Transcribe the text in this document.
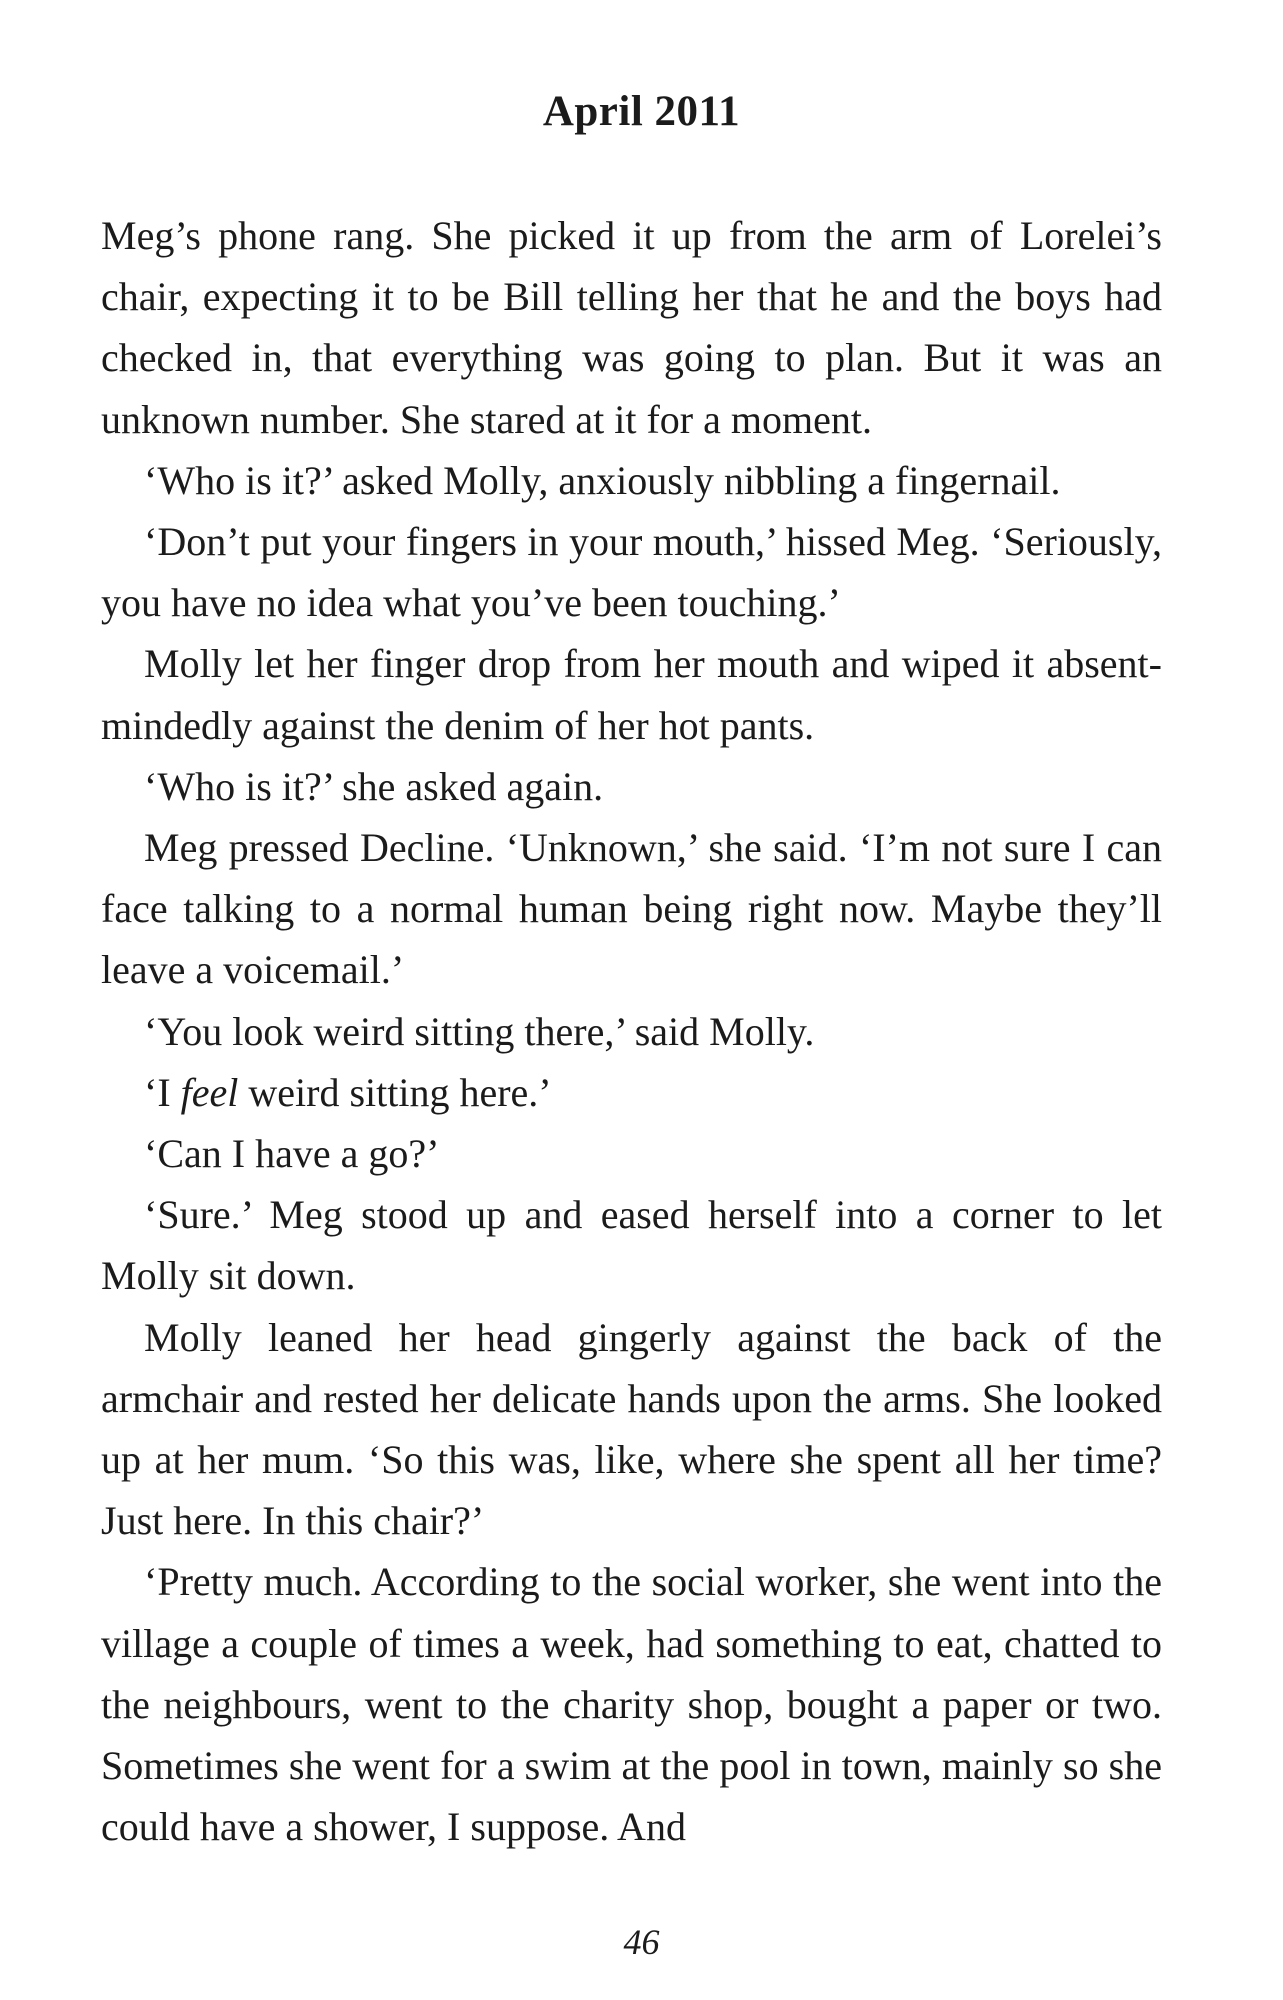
April 2011

Meg’s phone rang. She picked it up from the arm of Lorelei’s chair, expecting it to be Bill telling her that he and the boys had checked in, that everything was going to plan. But it was an unknown number. She stared at it for a moment.

‘Who is it?’ asked Molly, anxiously nibbling a fingernail.

‘Don’t put your fingers in your mouth,’ hissed Meg. ‘Seriously, you have no idea what you’ve been touching.’

Molly let her finger drop from her mouth and wiped it absent-mindedly against the denim of her hot pants.

‘Who is it?’ she asked again.

Meg pressed Decline. ‘Unknown,’ she said. ‘I’m not sure I can face talking to a normal human being right now. Maybe they’ll leave a voicemail.’

‘You look weird sitting there,’ said Molly.

‘I feel weird sitting here.’

‘Can I have a go?’

‘Sure.’ Meg stood up and eased herself into a corner to let Molly sit down.

Molly leaned her head gingerly against the back of the armchair and rested her delicate hands upon the arms. She looked up at her mum. ‘So this was, like, where she spent all her time? Just here. In this chair?’

‘Pretty much. According to the social worker, she went into the village a couple of times a week, had something to eat, chatted to the neighbours, went to the charity shop, bought a paper or two. Sometimes she went for a swim at the pool in town, mainly so she could have a shower, I suppose. And

46
